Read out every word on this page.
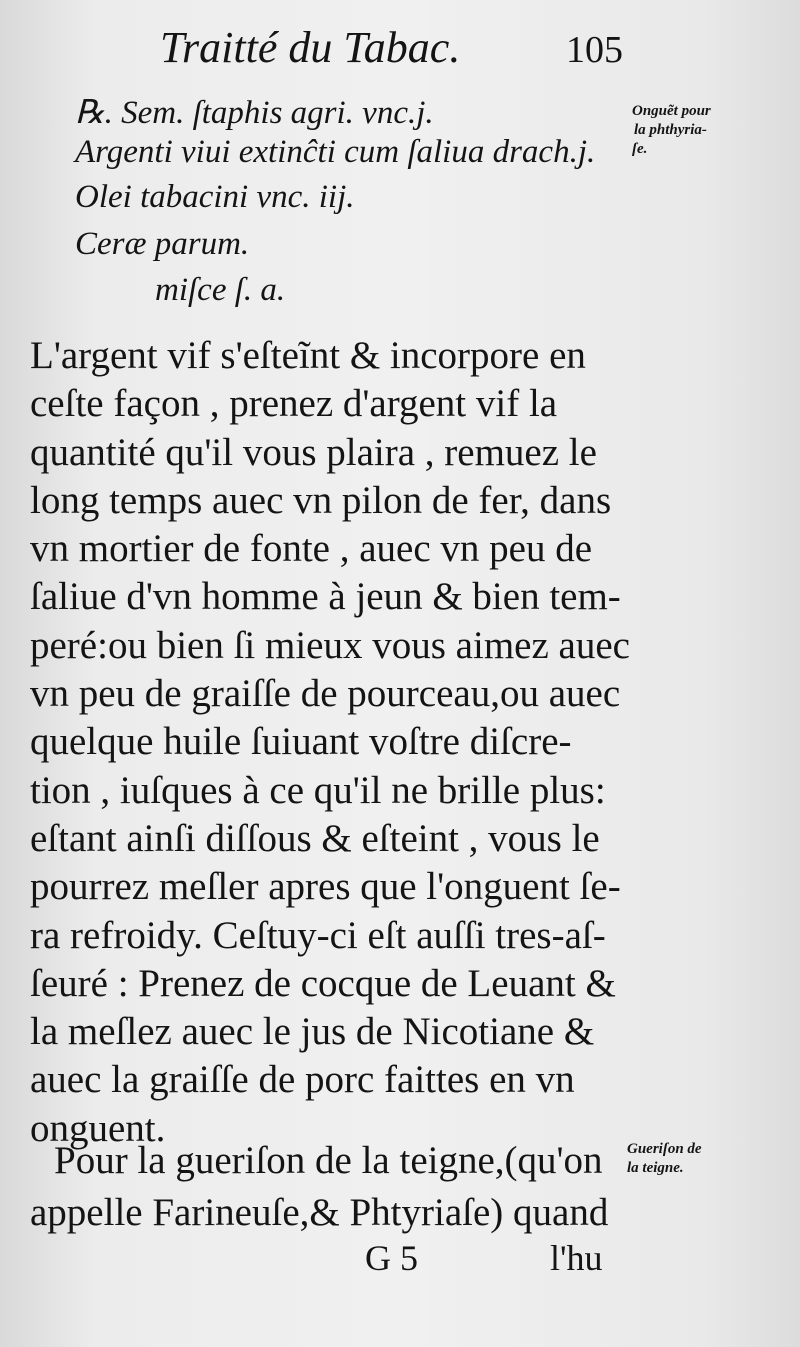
Traitté du Tabac.	105
℞. Sem. ſtaphis agri. vnc.j.
Argenti viui extinĉti cum ſaliua drach.j.
Olei tabacini vnc. iij.
Ceræ parum.
miſce ſ. a.
Onguẽt pour
la phthyria-
ſe.
L'argent vif s'eſteĩnt & incorpore en
ceſte façon , prenez d'argent vif la
quantité qu'il vous plaira , remuez le
long temps auec vn pilon de fer, dans
vn mortier de fonte , auec vn peu de
ſaliue d'vn homme à jeun & bien tem-
peré:ou bien ſi mieux vous aimez auec
vn peu de graiſſe de pourceau,ou auec
quelque huile ſuiuant voſtre diſcre-
tion , iuſques à ce qu'il ne brille plus:
eſtant ainſi diſſous & eſteint , vous le
pourrez meſler apres que l'onguent ſe-
ra refroidy. Ceſtuy-ci eſt auſſi tres-aſ-
ſeuré : Prenez de cocque de Leuant &
la meſlez auec le jus de Nicotiane &
auec la graiſſe de porc faittes en vn
onguent.
Pour la gueriſon de la teigne,(qu'on
appelle Farineuſe,& Phtyriaſe) quand
Gueriſon de
la teigne.
G 5	l'hu
